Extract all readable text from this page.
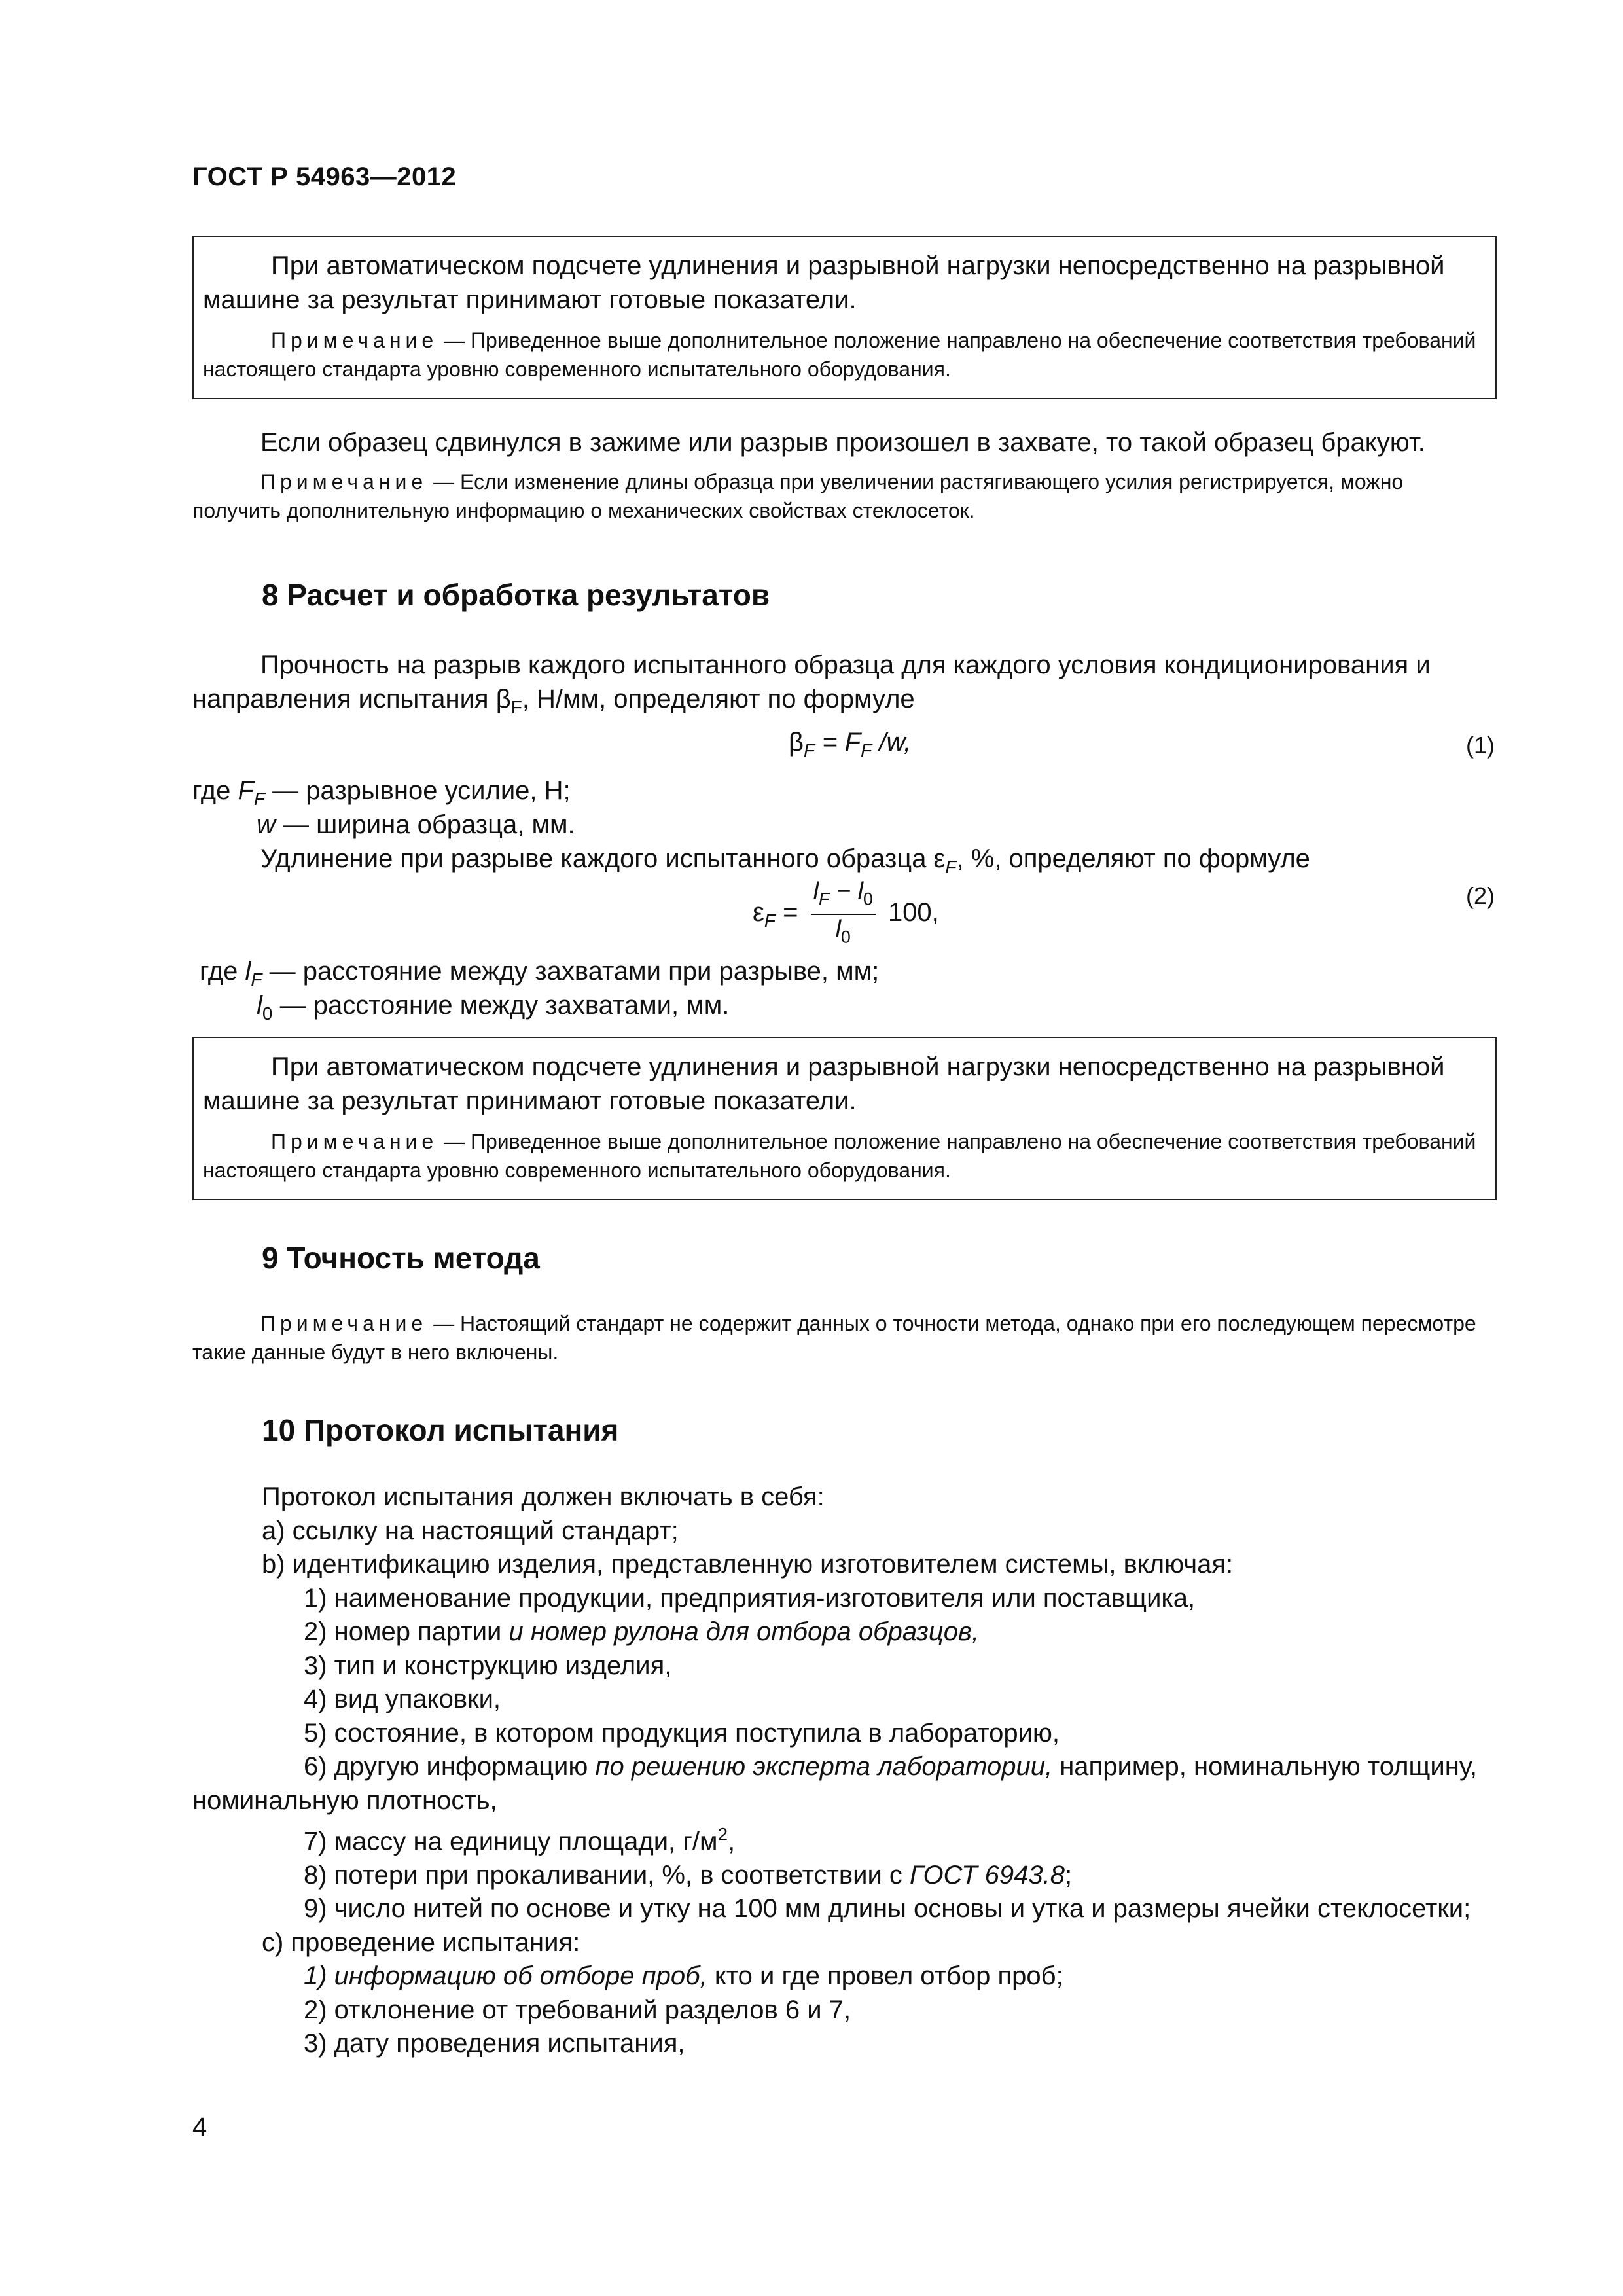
ГОСТ Р 54963—2012

При автоматическом подсчете удлинения и разрывной нагрузки непосредственно на разрывной машине за результат принимают готовые показатели.

Примечание — Приведенное выше дополнительное положение направлено на обеспечение соответствия требований настоящего стандарта уровню современного испытательного оборудования.

Если образец сдвинулся в зажиме или разрыв произошел в захвате, то такой образец бракуют.

Примечание — Если изменение длины образца при увеличении растягивающего усилия регистрируется, можно получить дополнительную информацию о механических свойствах стеклосеток.

8 Расчет и обработка результатов

Прочность на разрыв каждого испытанного образца для каждого условия кондиционирования и направления испытания $\beta_F$, Н/мм, определяют по формуле

$\beta_F = F_F$ /w,	(1)
где $F_F$ — разрывное усилие, Н;
w — ширина образца, мм.

Удлинение при разрыве каждого испытанного образца $\varepsilon_F$, %, определяют по формуле

$\varepsilon_F = \frac{l_F - l_0}{l_0} 100$,
(2)
где $l_F$ — расстояние между захватами при разрыве, мм;
$l_0$ — расстояние между захватами, мм.

При автоматическом подсчете удлинения и разрывной нагрузки непосредственно на разрывной машине за результат принимают готовые показатели.

Примечание — Приведенное выше дополнительное положение направлено на обеспечение соответствия требований настоящего стандарта уровню современного испытательного оборудования.

9 Точность метода

Примечание — Настоящий стандарт не содержит данных о точности метода, однако при его последующем пересмотре такие данные будут в него включены.

10 Протокол испытания
Протокол испытания должен включать в себя:
а) ссылку на настоящий стандарт;
b) идентификацию изделия, представленную изготовителем системы, включая:
1) наименование продукции, предприятия-изготовителя или поставщика,
2) номер партии и номер рулона для отбора образцов,
3) тип и конструкцию изделия,
4) вид упаковки,
5) состояние, в котором продукция поступила в лабораторию,
6) другую информацию по решению эксперта лаборатории, например, номинальную толщину, номинальную плотность,
7) массу на единицу площади, $г/м^2$,
8) потери при прокаливании, %, в соответствии с ГОСТ 6943.8;
9) число нитей по основе и утку на 100 мм длины основы и утка и размеры ячейки стеклосетки;
c) проведение испытания:
1) информацию об отборе проб, кто и где провел отбор проб;
2) отклонение от требований разделов 6 и 7,
3) дату проведения испытания,
4
